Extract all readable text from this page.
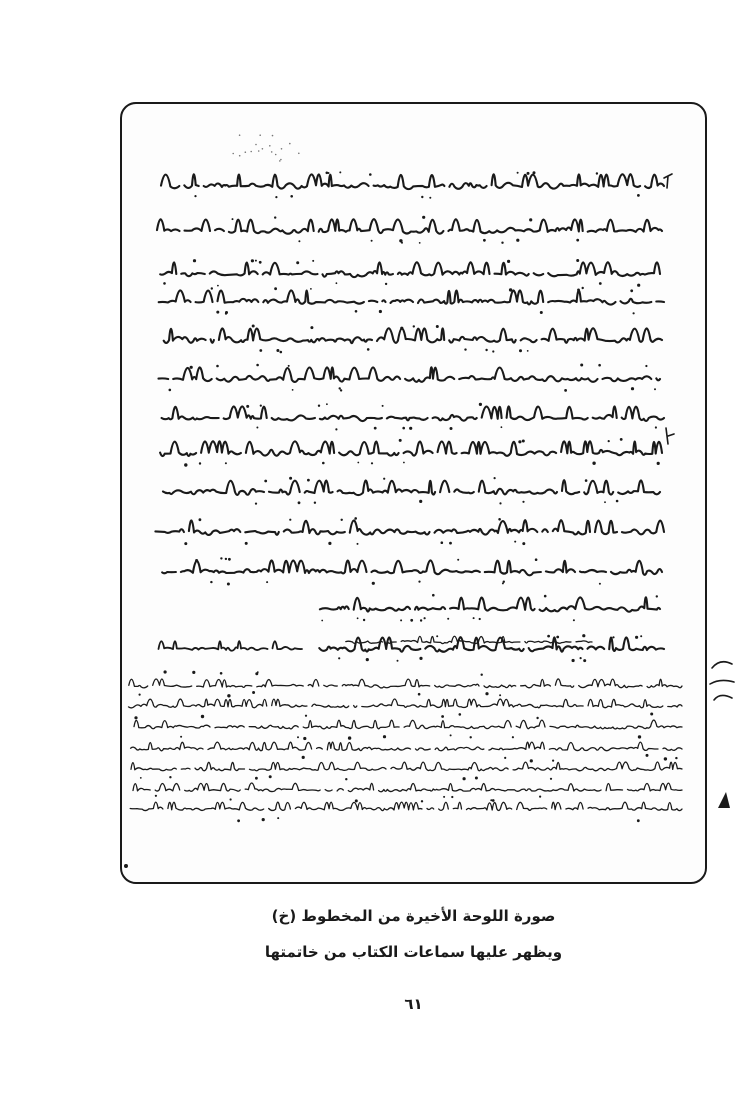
صورة اللوحة الأخيرة من المخطوط (خ)
ويظهر عليها سماعات الكتاب من خاتمتها
٦١
